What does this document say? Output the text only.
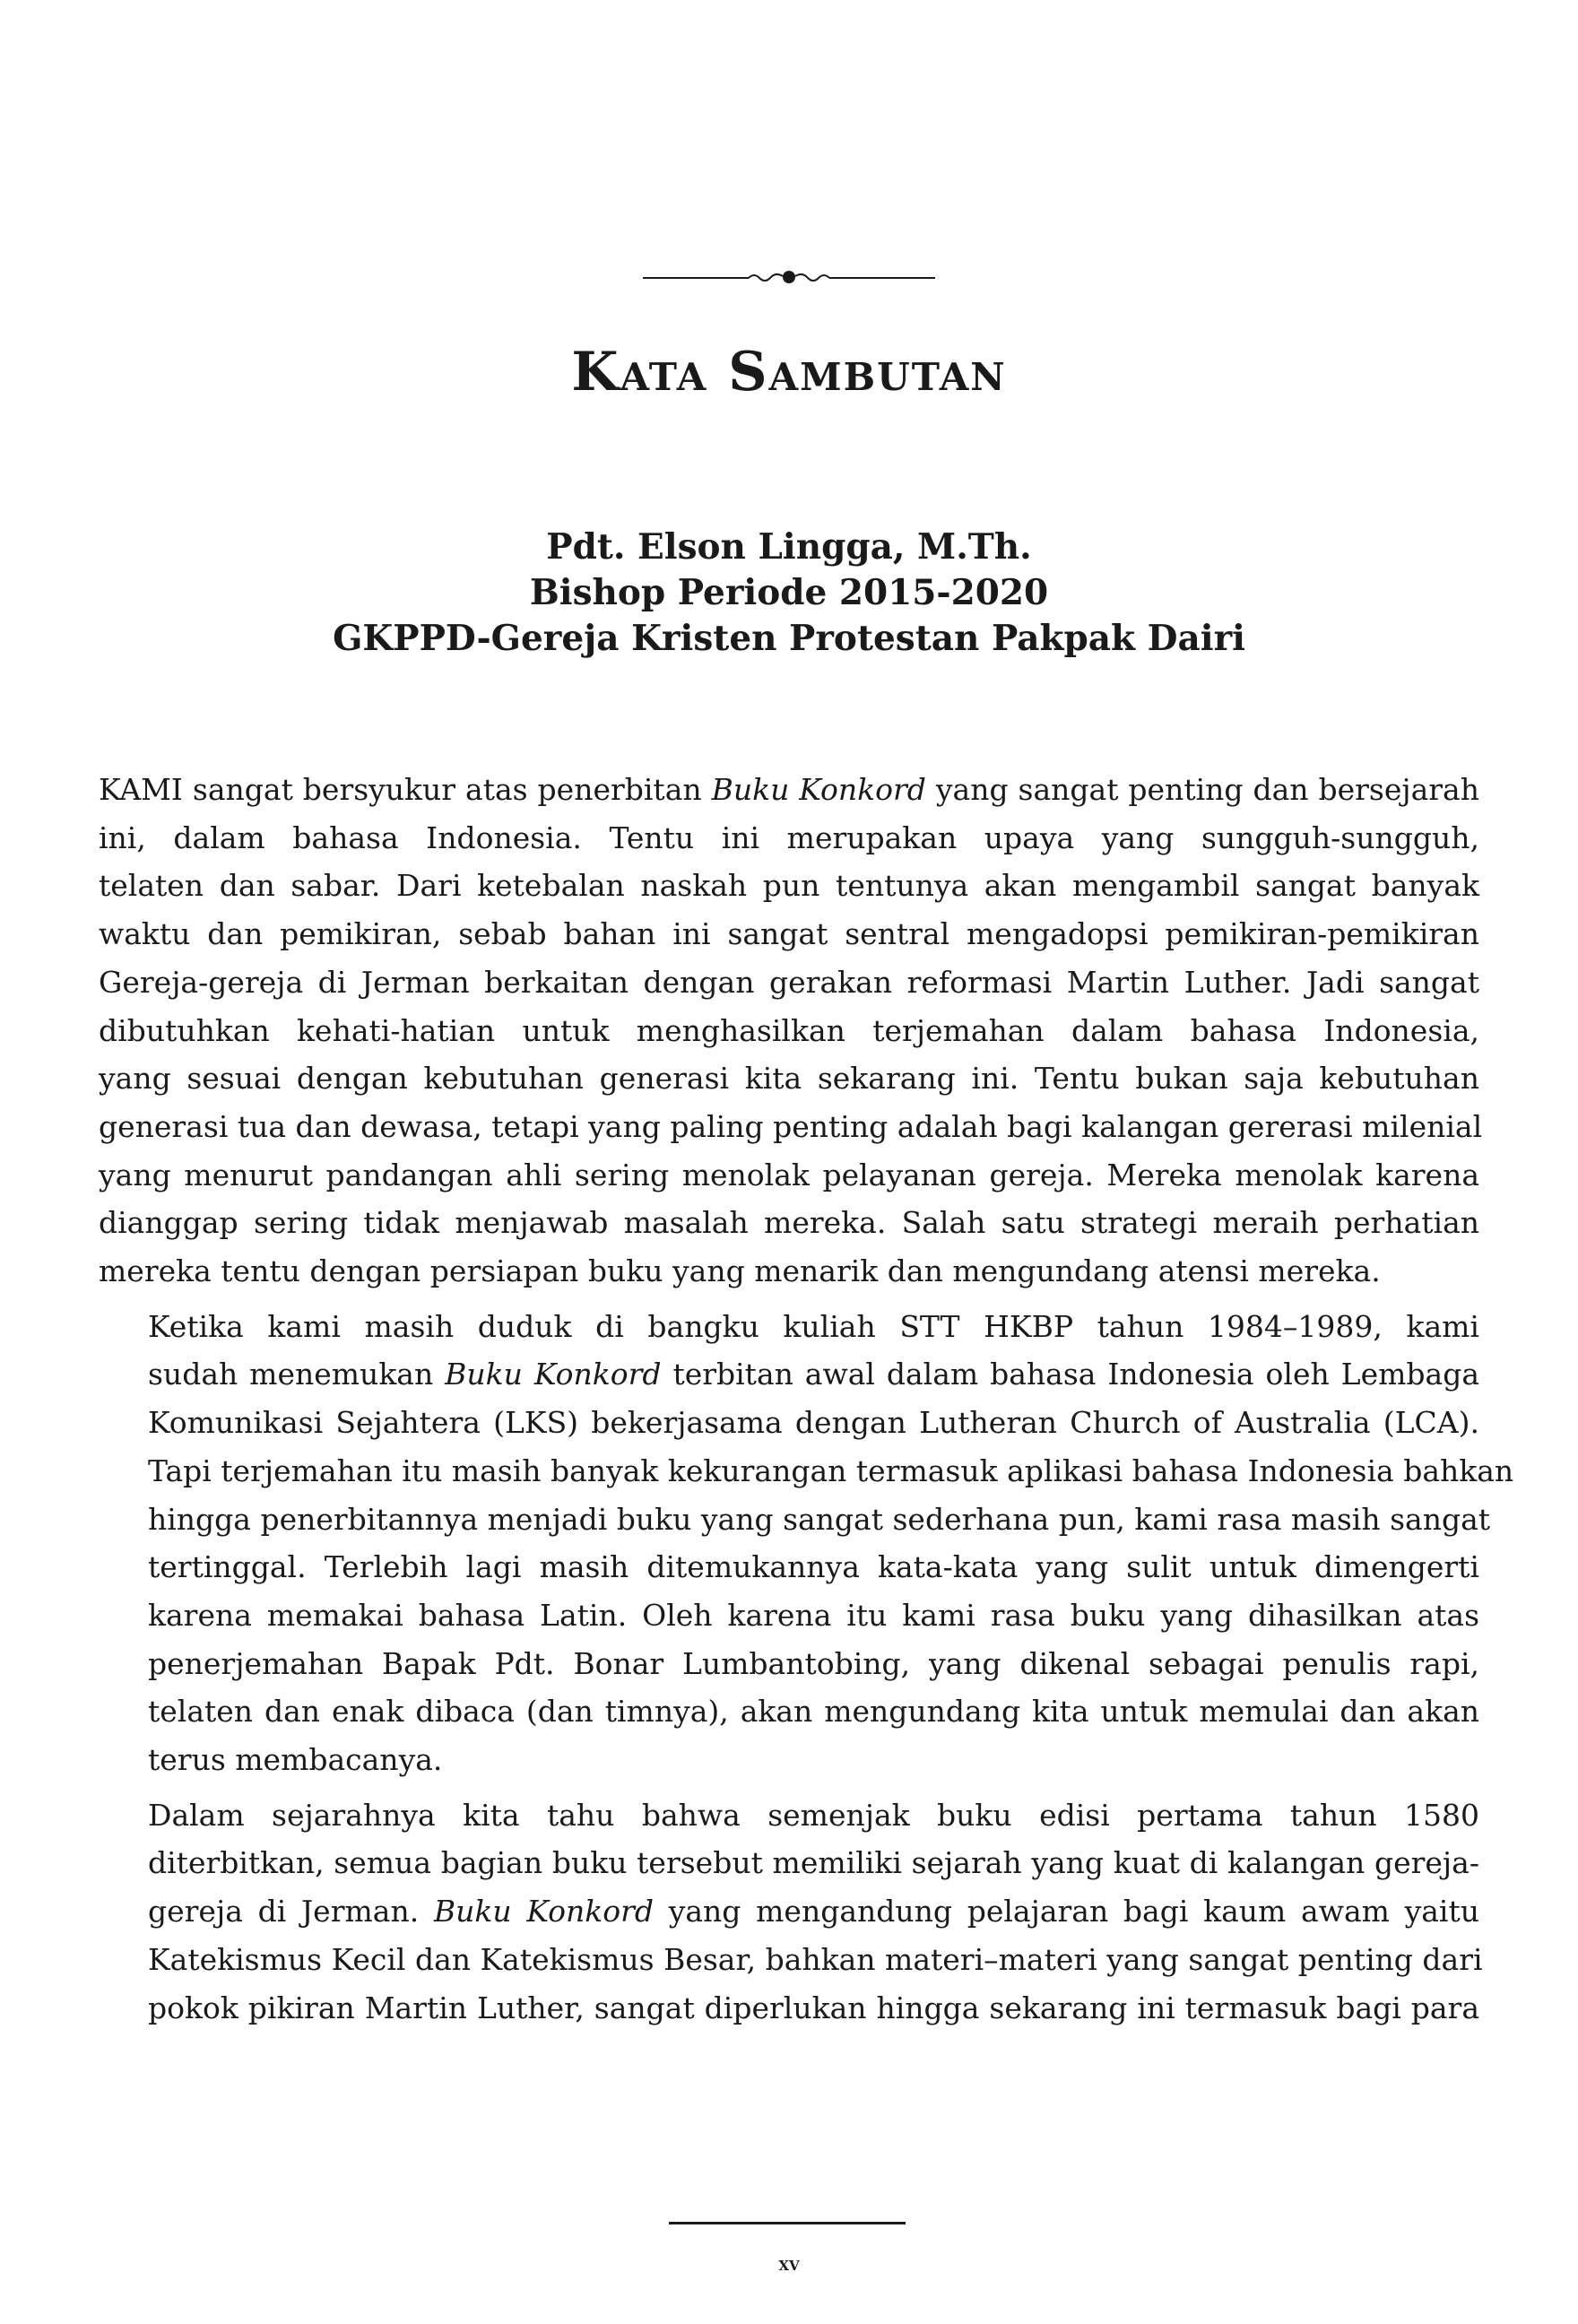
Kata Sambutan
Pdt. Elson Lingga, M.Th.
Bishop Periode 2015-2020
GKPPD-Gereja Kristen Protestan Pakpak Dairi

KAMI sangat bersyukur atas penerbitan Buku Konkord yang sangat penting dan bersejarah
ini, dalam bahasa Indonesia. Tentu ini merupakan upaya yang sungguh-sungguh,
telaten dan sabar. Dari ketebalan naskah pun tentunya akan mengambil sangat banyak
waktu dan pemikiran, sebab bahan ini sangat sentral mengadopsi pemikiran-pemikiran
Gereja-gereja di Jerman berkaitan dengan gerakan reformasi Martin Luther. Jadi sangat
dibutuhkan kehati-hatian untuk menghasilkan terjemahan dalam bahasa Indonesia,
yang sesuai dengan kebutuhan generasi kita sekarang ini. Tentu bukan saja kebutuhan
generasi tua dan dewasa, tetapi yang paling penting adalah bagi kalangan gererasi milenial
yang menurut pandangan ahli sering menolak pelayanan gereja. Mereka menolak karena
dianggap sering tidak menjawab masalah mereka. Salah satu strategi meraih perhatian
mereka tentu dengan persiapan buku yang menarik dan mengundang atensi mereka.

Ketika kami masih duduk di bangku kuliah STT HKBP tahun 1984–1989, kami
sudah menemukan Buku Konkord terbitan awal dalam bahasa Indonesia oleh Lembaga
Komunikasi Sejahtera (LKS) bekerjasama dengan Lutheran Church of Australia (LCA).
Tapi terjemahan itu masih banyak kekurangan termasuk aplikasi bahasa Indonesia bahkan
hingga penerbitannya menjadi buku yang sangat sederhana pun, kami rasa masih sangat
tertinggal. Terlebih lagi masih ditemukannya kata-kata yang sulit untuk dimengerti
karena memakai bahasa Latin. Oleh karena itu kami rasa buku yang dihasilkan atas
penerjemahan Bapak Pdt. Bonar Lumbantobing, yang dikenal sebagai penulis rapi,
telaten dan enak dibaca (dan timnya), akan mengundang kita untuk memulai dan akan
terus membacanya.

Dalam sejarahnya kita tahu bahwa semenjak buku edisi pertama tahun 1580
diterbitkan, semua bagian buku tersebut memiliki sejarah yang kuat di kalangan gereja-
gereja di Jerman. Buku Konkord yang mengandung pelajaran bagi kaum awam yaitu
Katekismus Kecil dan Katekismus Besar, bahkan materi–materi yang sangat penting dari
pokok pikiran Martin Luther, sangat diperlukan hingga sekarang ini termasuk bagi para

xv
